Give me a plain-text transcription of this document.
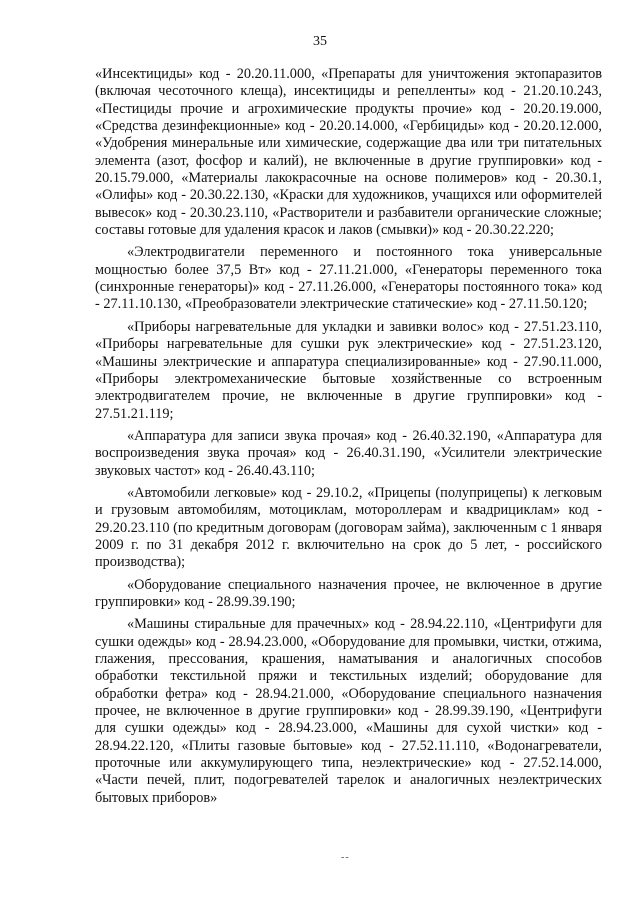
35

«Инсектициды» код - 20.20.11.000, «Препараты для уничтожения эктопаразитов (включая чесоточного клеща), инсектициды и репелленты» код - 21.20.10.243, «Пестициды прочие и агрохимические продукты прочие» код - 20.20.19.000, «Средства дезинфекционные» код - 20.20.14.000, «Гербициды» код - 20.20.12.000, «Удобрения минеральные или химические, содержащие два или три питательных элемента (азот, фосфор и калий), не включенные в другие группировки» код - 20.15.79.000, «Материалы лакокрасочные на основе полимеров» код - 20.30.1, «Олифы» код - 20.30.22.130, «Краски для художников, учащихся или оформителей вывесок» код - 20.30.23.110, «Растворители и разбавители органические сложные; составы готовые для удаления красок и лаков (смывки)» код - 20.30.22.220;

«Электродвигатели переменного и постоянного тока универсальные мощностью более 37,5 Вт» код - 27.11.21.000, «Генераторы переменного тока (синхронные генераторы)» код - 27.11.26.000, «Генераторы постоянного тока» код - 27.11.10.130, «Преобразователи электрические статические» код - 27.11.50.120;

«Приборы нагревательные для укладки и завивки волос» код - 27.51.23.110, «Приборы нагревательные для сушки рук электрические» код - 27.51.23.120, «Машины электрические и аппаратура специализированные» код - 27.90.11.000, «Приборы электромеханические бытовые хозяйственные со встроенным электродвигателем прочие, не включенные в другие группировки» код - 27.51.21.119;

«Аппаратура для записи звука прочая» код - 26.40.32.190, «Аппаратура для воспроизведения звука прочая» код - 26.40.31.190, «Усилители электрические звуковых частот» код - 26.40.43.110;

«Автомобили легковые» код - 29.10.2, «Прицепы (полуприцепы) к легковым и грузовым автомобилям, мотоциклам, мотороллерам и квадрициклам» код - 29.20.23.110 (по кредитным договорам (договорам займа), заключенным с 1 января 2009 г. по 31 декабря 2012 г. включительно на срок до 5 лет, - российского производства);

«Оборудование специального назначения прочее, не включенное в другие группировки» код - 28.99.39.190;

«Машины стиральные для прачечных» код - 28.94.22.110, «Центрифуги для сушки одежды» код - 28.94.23.000, «Оборудование для промывки, чистки, отжима, глажения, прессования, крашения, наматывания и аналогичных способов обработки текстильной пряжи и текстильных изделий; оборудование для обработки фетра» код - 28.94.21.000, «Оборудование специального назначения прочее, не включенное в другие группировки» код - 28.99.39.190, «Центрифуги для сушки одежды» код - 28.94.23.000, «Машины для сухой чистки» код - 28.94.22.120, «Плиты газовые бытовые» код - 27.52.11.110, «Водонагреватели, проточные или аккумулирующего типа, неэлектрические» код - 27.52.14.000, «Части печей, плит, подогревателей тарелок и аналогичных неэлектрических бытовых приборов»

--
